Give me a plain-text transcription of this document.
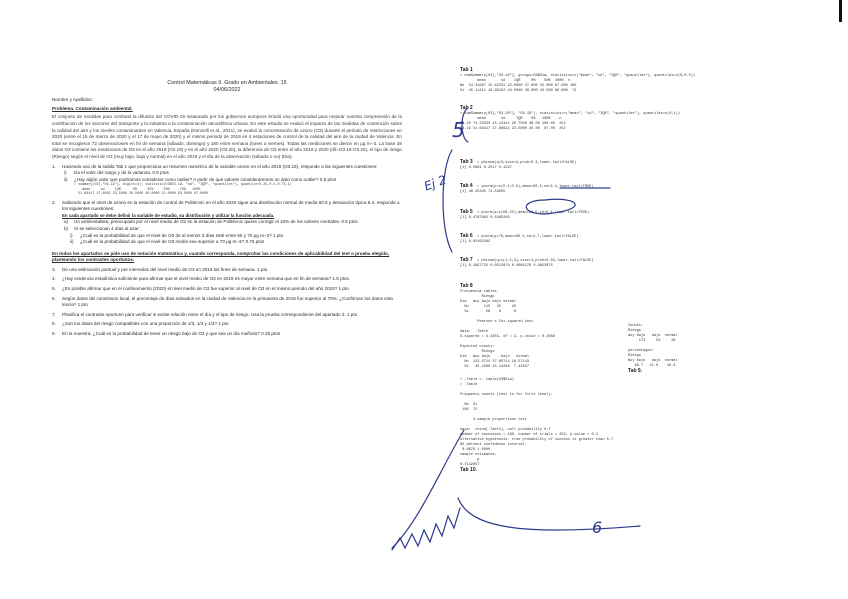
Control Matemáticas II. Grado en Ambientales. 15
04/06/2022
Nombre y Apellidos:
Problema. Contaminación ambiental.
El conjunto de medidas para combatir la difusión del COVID-19 instaurado por los gobiernos europeos brindó una oportunidad para mejorar nuestra comprensión de la contribución de los sectores del transporte y la industria a la contaminación atmosférica urbana. En este estudio se evaluó el impacto de las medidas de contención sobre la calidad del aire y los niveles contaminantes en Valencia, España (Donzelli et al., 2021), se evaluó la concentración de ozono (O3) durante el periodo de restricciones en 2020 (entre el 15 de marzo de 2020 y el 17 de mayo de 2020) y el mismo periodo de 2019 en 4 estaciones de control de la calidad del aire de la ciudad de Valencia. En total se recogieron 72 observaciones en fin de semana (sábado, domingo) y 180 entre semana (lunes a viernes). Todas las mediciones se dieron en μg m−3. La base de datos O3 contiene las mediciones de O3 en el año 2019 (O3.19) y en el año 2020 (O3.20), la diferencia de O3 entre el año 2019 y 2020 (dif=O3.19-O3.20), el tipo de riesgo (Riesgo) según el nivel de O3 (muy bajo, bajo y normal) en el año 2019 y el día de la observación (sábado o no) (Dia).
1.	Haciendo uso de la salida Tab 1 que proporciona un resumen numérico de la variable ozono en el año 2019 (O3.19), responde a las siguientes cuestiones:
i)	Da el valor del rango y de la varianza. 0.5 ptos
ii)	¿Hay algún valor que podríamos considerar como outlier? A partir de qué valores consideraremos un dato como outlier? 0.5 ptos
> summary(O3[,"O3.19"], digits=4); statistic(O3$O3.19, "sd", "IQR", "quantiles"), quantile=0.25,0.5,0.75,1)
mean     sd     IQR      0%     25%     50%     75%   100%
51.68417 17.8862 23.5000 26.0000 40.0000 52.0000 63.5000 87.0000
2.	Sabiendo que el nivel de ozono en la estación de control de Politécnic en el año 2020 sigue una distribución normal de media 60.5 y desviación típica 9.4, responde a los siguientes cuestiones:
En cada apartado se debe definir la variable de estudio, su distribución y utilizar la función adecuada.
a)	Un ambientalista, preocupado por el nivel medio de O3 en la estación de Politécnic quiere corregir el 10% de los valores centrales. 0.5 ptos
b)	Si se seleccionan 4 días al azar:
i)	¿Cuál es la probabilidad de que el nivel de O3 de al menos 3 días esté entre 60 y 70 μg m−3? 1 pto
ii)	¿Cuál es la probabilidad de que el nivel de O3 medio sea superior a 70 μg m−3? 0.75 ptos
En todos los apartados se pide uso de notación matemática y, cuando corresponda, comprobar las condiciones de aplicabilidad del test o prueba elegido, planteando los contrastes oportunos.
3.	De una estimación puntual y por intervalos del nivel medio de O3 en 2019 los fines de semana. 1 pto
4.	¿Hay evidencia estadística suficiente para afirmar que el nivel medio de O3 en 2019 es mayor entre semana que en fin de semana? 1.5 ptos.
5.	¿Es posible afirmar que en el confinamiento (2020) el nivel medio de O3 fue superior al nivel de O3 en el mismo periodo del año 2019? 1 pto
6.	Según datos del consistorio local, el porcentaje de días soleados en la ciudad de Valencia en la primavera de 2019 fue superior al 70%. ¿Confirman los datos esta teoría? 1 pto
7.	Planifica el contraste oportuno para verificar si existe relación entre el día y el tipo de riesgo. Usa la prueba correspondiente del apartado 3. 1 pto
8.	¿Son los datos del riesgo compatibles con una proporción de 1/3, 1/3 y 1/3? 1 pto
9.	En la muestra, ¿Cuál es la probabilidad de tener un riesgo bajo de O3 y que sea un día mañoso? 0.25 ptos
Tab 1
> numSummary(O3[,"O3.19"], groups=O3$Dia, statistics=c("mean", "sd", "IQR", "quantiles"), quantiles=c(0,0.5))
mean       sd    IQR     0%    50%  100%  n
No  54.31667 15.62231 22.0000 27.000 55.000 87.000 180
Si  45.11111 18.99152 24.0000 26.000 43.500 86.000  72
Tab 2
> numSummary(O3[,"O3.20"], "O3.19"), statistics=c("mean", "sd", "IQR", "quantiles"), quantiles=c(0,1))
mean       sd     IQR    0%   100%    n
O3.20 73.33333 15.12421 20.7500 36.00 108.00  252
O3.19 51.68417 17.88622 23.5000 26.00  87.00  252
Tab 3 > pbinom(q=3,size=4,prob=0.3,lower.tail=FALSE)
[1] 0.0081 0.2517 0.1297
Tab 4 > qnorm(p=c(0.1,0.9),mean=60.5,sd=9.4,lower.tail=TRUE)
[1] 48.45345 72.54655
Tab 5 > pnorm(q=c(60,70),mean=60.5,sd=9.4,lower.tail=TRUE)
[1] 0.4787862 0.8485289
Tab 6 > pnorm(q=70,mean=60.5,sd=4.7,lower.tail=FALSE)
[1] 0.02163282
Tab 7 > pbinom(q=c(1,2,3),size=4,prob=0.39,lower.tail=FALSE)
[1] 0.1697722 0.0512879 0.0081276 0.9652875
Tab 8
Frecuencia tables
Riesgo
Dia   muy bajo bajo normal
No       115   45     20
Si        58    8      6

Pearson's Chi-squared test

data:  .Table
X-squared = 4.4355, df = 2, p-value = 0.1088

Expected counts:
Riesgo
Dia   muy bajo     bajo   normal
No  123.5714 37.85714 18.57143
Si   49.4286 15.14286  7.42857
Counts:
Riesgo
muy bajo   bajo  normal
173     53     26

percentages:
Riesgo
muy bajo   bajo  normal
68.7   21.0    10.3
Tab 9.
> .Table <- table(O3$Dia)
> .Table

Frequency counts (test is for first level):

No  Si
180  72

1-sample proportions test

data:  rbind(.Table), null probability 0.7
number of successes = 180, number of trials = 252, p-value = 0.3
alternative hypothesis: true probability of success is greater than 0.7
95 percent confidence interval:
0.6676 1.0000
sample estimates:
p
0.7142857
Tab 10.
5
Ej 2
6
